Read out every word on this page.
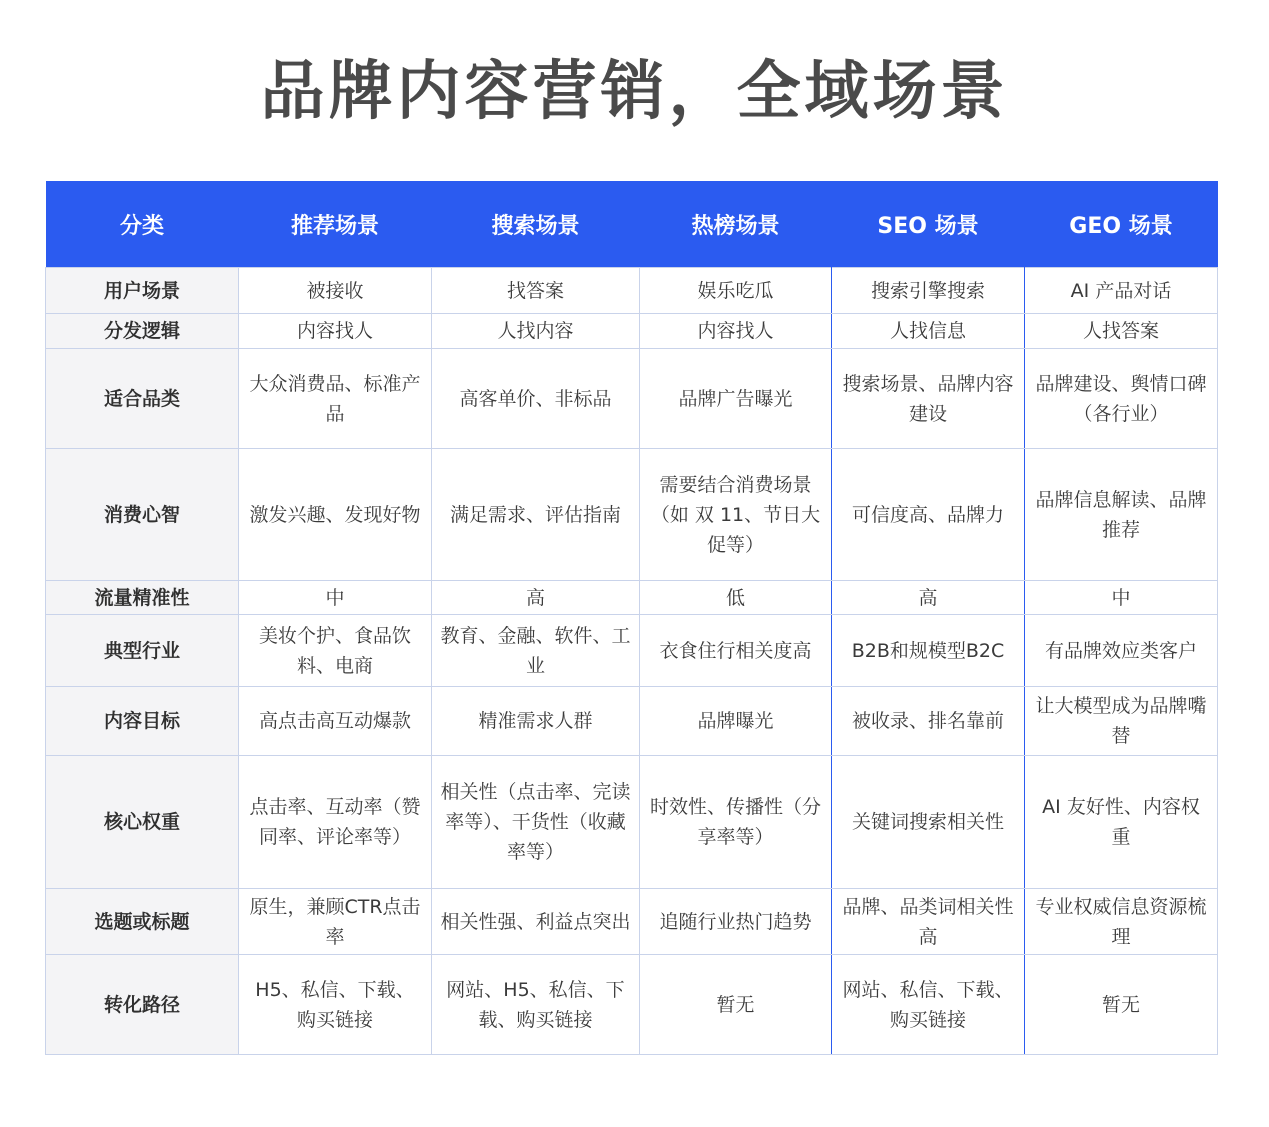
品牌内容营销，全域场景
分类	推荐场景	搜索场景	热榜场景	SEO 场景	GEO 场景
用户场景	被接收	找答案	娱乐吃瓜	搜索引擎搜索	AI 产品对话
分发逻辑	内容找人	人找内容	内容找人	人找信息	人找答案
适合品类	大众消费品、标准产品	高客单价、非标品	品牌广告曝光	搜索场景、品牌内容建设	品牌建设、舆情口碑 （各行业）
消费心智	激发兴趣、发现好物	满足需求、评估指南	需要结合消费场景（如 双 11、节日大促等）	可信度高、品牌力	品牌信息解读、品牌推荐
流量精准性	中	高	低	高	中
典型行业	美妆个护、食品饮料、电商	教育、金融、软件、工业	衣食住行相关度高	B2B和规模型B2C	有品牌效应类客户
内容目标	高点击高互动爆款	精准需求人群	品牌曝光	被收录、排名靠前	让大模型成为品牌嘴替
核心权重	点击率、互动率（赞同率、评论率等）	相关性（点击率、完读率等）、干货性（收藏率等）	时效性、传播性（分享率等）	关键词搜索相关性	AI 友好性、内容权重
选题或标题	原生，兼顾CTR点击率	相关性强、利益点突出	追随行业热门趋势	品牌、品类词相关性高	专业权威信息资源梳理
转化路径	H5、私信、下载、购买链接	网站、H5、私信、下载、购买链接	暂无	网站、私信、下载、购买链接	暂无
